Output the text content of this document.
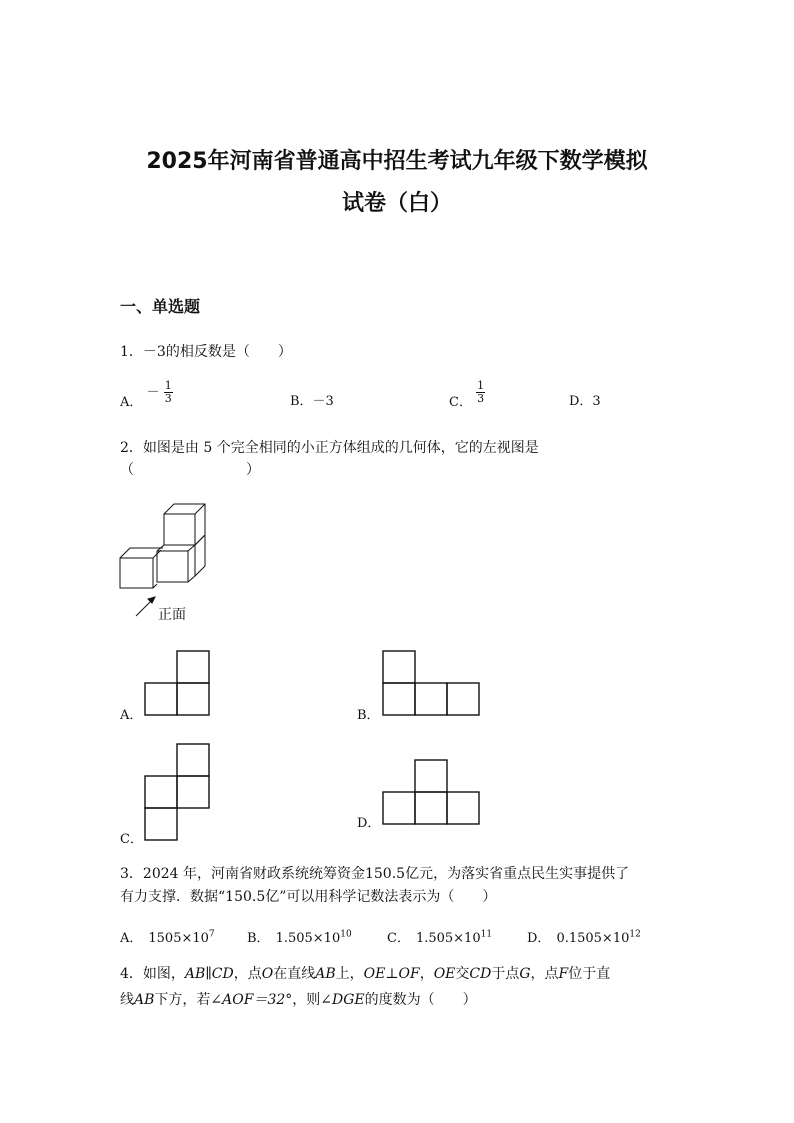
2025年河南省普通高中招生考试九年级下数学模拟
试卷（白）
一、单选题
1．－3的相反数是（　　）
A． － $\frac{1}{3}$	B．－3	C． $\frac{1}{3}$	D．3
2．如图是由 5 个完全相同的小正方体组成的几何体，它的左视图是
（　　　　　　　　）
正面
A．	B．
C．
D．
3．2024 年，河南省财政系统统筹资金150.5亿元，为落实省重点民生实事提供了
有力支撑．数据“150.5亿”可以用科学记数法表示为（　　）
A． $1505\times 10^7$ B． $1.505\times 10^{10}$	C． $1.505\times 10^{11}$	D． $0.1505\times 10^{12}$
4．如图，AB∥CD，点O在直线AB上，OE⊥OF，OE交CD于点G，点F位于直
线AB下方，若∠AOF＝32°，则∠DGE的度数为（　　）
